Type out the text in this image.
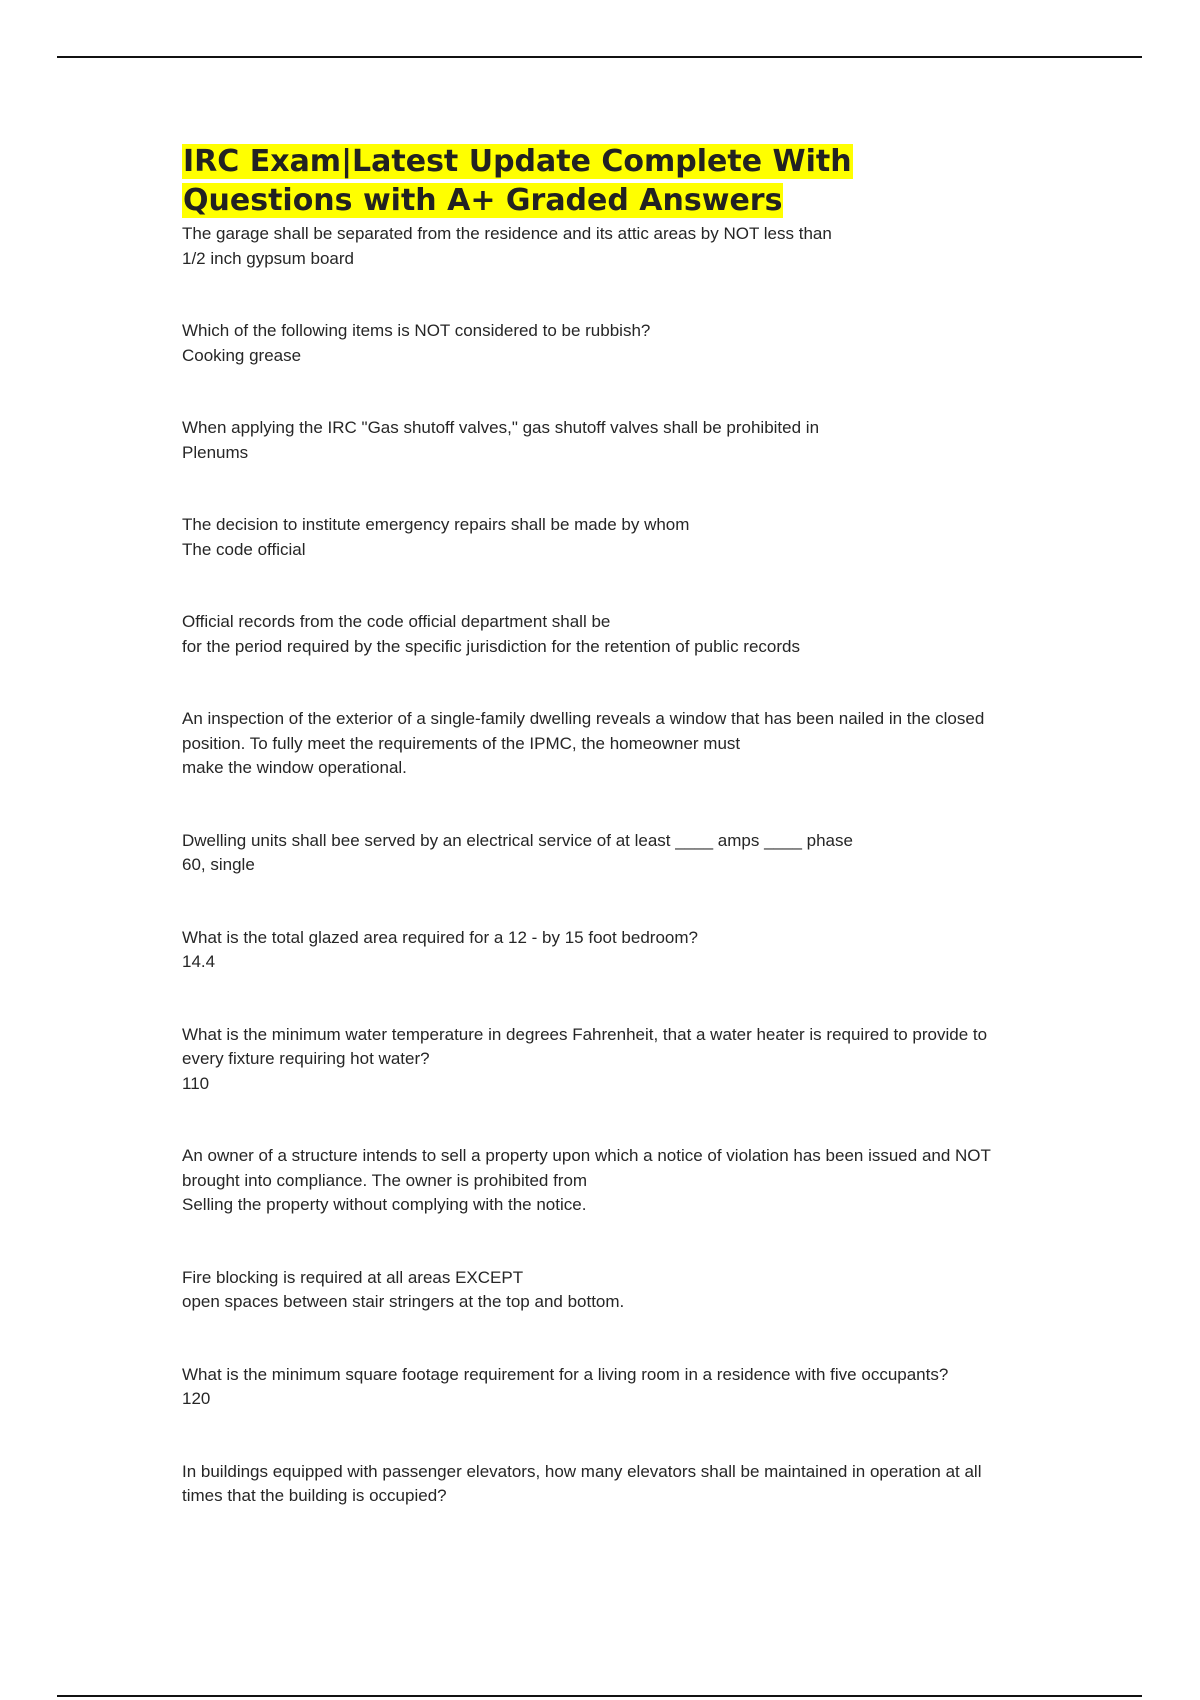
IRC Exam|Latest Update Complete With Questions with A+ Graded Answers
The garage shall be separated from the residence and its attic areas by NOT less than
1/2 inch gypsum board
Which of the following items is NOT considered to be rubbish?
Cooking grease
When applying the IRC "Gas shutoff valves," gas shutoff valves shall be prohibited in
Plenums
The decision to institute emergency repairs shall be made by whom
The code official
Official records from the code official department shall be
for the period required by the specific jurisdiction for the retention of public records
An inspection of the exterior of a single-family dwelling reveals a window that has been nailed in the closed position. To fully meet the requirements of the IPMC, the homeowner must
make the window operational.
Dwelling units shall bee served by an electrical service of at least ____ amps ____ phase
60, single
What is the total glazed area required for a 12 - by 15 foot bedroom?
14.4
What is the minimum water temperature in degrees Fahrenheit, that a water heater is required to provide to every fixture requiring hot water?
110
An owner of a structure intends to sell a property upon which a notice of violation has been issued and NOT brought into compliance. The owner is prohibited from
Selling the property without complying with the notice.
Fire blocking is required at all areas EXCEPT
open spaces between stair stringers at the top and bottom.
What is the minimum square footage requirement for a living room in a residence with five occupants?
120
In buildings equipped with passenger elevators, how many elevators shall be maintained in operation at all times that the building is occupied?
